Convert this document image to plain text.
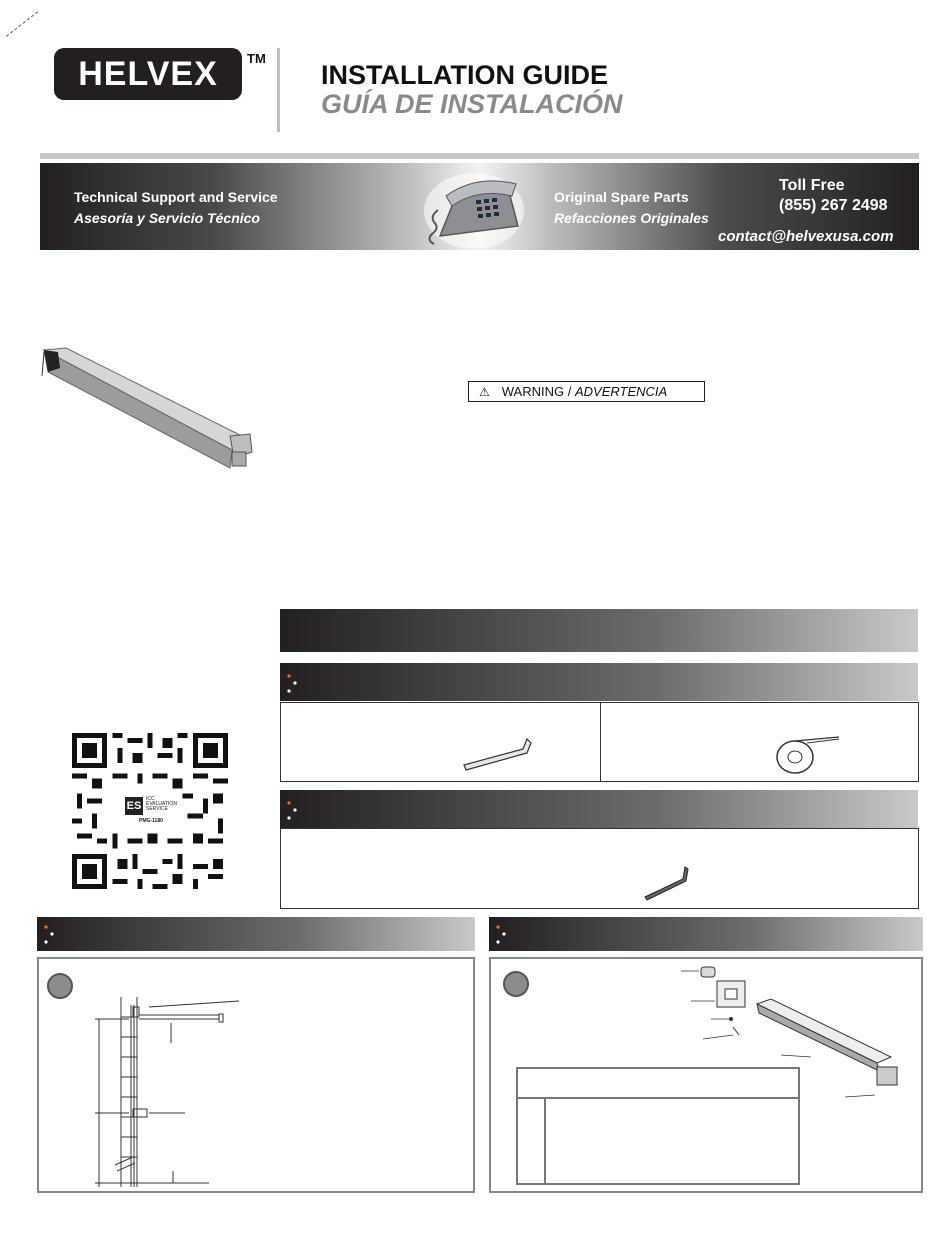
HELVEX TM
INSTALLATION GUIDE
GUÍA DE INSTALACIÓN
Technical Support and Service
Asesoría y Servicio Técnico
Original Spare Parts
Refacciones Originales
Toll Free
(855) 267 2498
contact@helvexusa.com
⚠ WARNING / ADVERTENCIA
ES
ICC
EVALUATION
SERVICE
PMG-1180
